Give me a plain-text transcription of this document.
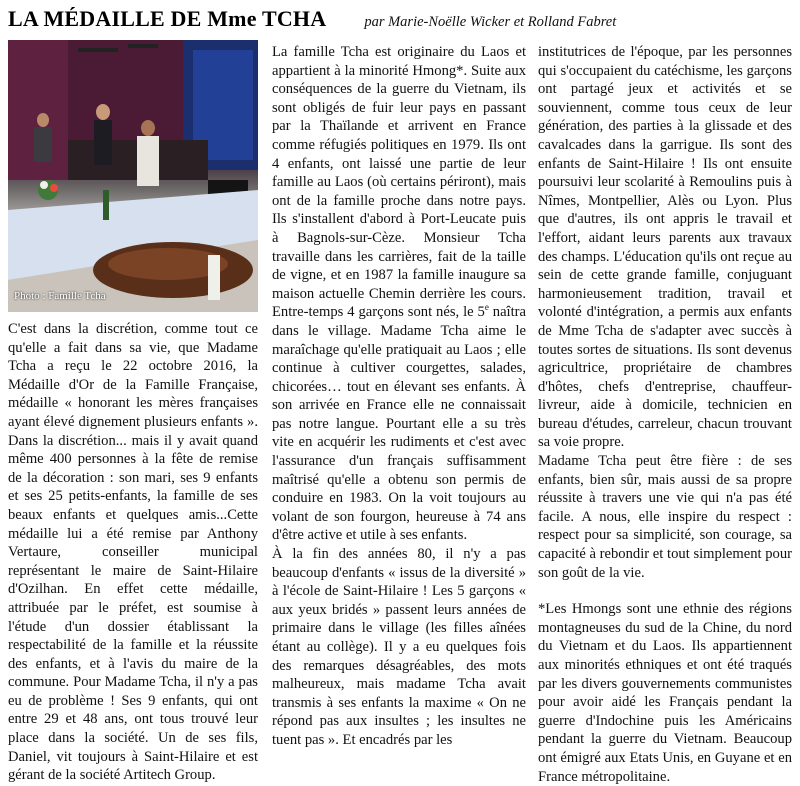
LA MÉDAILLE DE Mme TCHA	par Marie-Noëlle Wicker et Rolland Fabret
Photo : Famille Tcha

C'est dans la discrétion, comme tout ce qu'elle a fait dans sa vie, que Madame Tcha a reçu le 22 octobre 2016, la Médaille d'Or de la Famille Française, médaille « honorant les mères françaises ayant élevé dignement plusieurs enfants ». Dans la discrétion... mais il y avait quand même 400 personnes à la fête de remise de la décoration : son mari, ses 9 enfants et ses 25 petits-enfants, la famille de ses beaux enfants et quelques amis...Cette médaille lui a été remise par Anthony Vertaure, conseiller municipal représentant le maire de Saint-Hilaire d'Ozilhan. En effet cette médaille, attribuée par le préfet, est soumise à l'étude d'un dossier établissant la respectabilité de la famille et la réussite des enfants, et à l'avis du maire de la commune. Pour Madame Tcha, il n'y a pas eu de problème ! Ses 9 enfants, qui ont entre 29 et 48 ans, ont tous trouvé leur place dans la société. Un de ses fils, Daniel, vit toujours à Saint-Hilaire et est gérant de la société Artitech Group.

La famille Tcha est originaire du Laos et appartient à la minorité Hmong*. Suite aux conséquences de la guerre du Vietnam, ils sont obligés de fuir leur pays en passant par la Thaïlande et arrivent en France comme réfugiés politiques en 1979. Ils ont 4 enfants, ont laissé une partie de leur famille au Laos (où certains périront), mais ont de la famille proche dans notre pays. Ils s'installent d'abord à Port-Leucate puis à Bagnols-sur-Cèze. Monsieur Tcha travaille dans les carrières, fait de la taille de vigne, et en 1987 la famille inaugure sa maison actuelle Chemin derrière les cours. Entre-temps 4 garçons sont nés, le 5e naîtra dans le village. Madame Tcha aime le maraîchage qu'elle pratiquait au Laos ; elle continue à cultiver courgettes, salades, chicorées… tout en élevant ses enfants. À son arrivée en France elle ne connaissait pas notre langue. Pourtant elle a su très vite en acquérir les rudiments et c'est avec l'assurance d'un français suffisamment maîtrisé qu'elle a obtenu son permis de conduire en 1983. On la voit toujours au volant de son fourgon, heureuse à 74 ans d'être active et utile à ses enfants.

À la fin des années 80, il n'y a pas beaucoup d'enfants « issus de la diversité » à l'école de Saint-Hilaire ! Les 5 garçons « aux yeux bridés » passent leurs années de primaire dans le village (les filles aînées étant au collège). Il y a eu quelques fois des remarques désagréables, des mots malheureux, mais madame Tcha avait transmis à ses enfants la maxime « On ne répond pas aux insultes ; les insultes ne tuent pas ». Et encadrés par les

institutrices de l'époque, par les personnes qui s'occupaient du catéchisme, les garçons ont partagé jeux et activités et se souviennent, comme tous ceux de leur génération, des parties à la glissade et des cavalcades dans la garrigue. Ils sont des enfants de Saint-Hilaire ! Ils ont ensuite poursuivi leur scolarité à Remoulins puis à Nîmes, Montpellier, Alès ou Lyon. Plus que d'autres, ils ont appris le travail et l'effort, aidant leurs parents aux travaux des champs. L'éducation qu'ils ont reçue au sein de cette grande famille, conjuguant harmonieusement tradition, travail et volonté d'intégration, a permis aux enfants de Mme Tcha de s'adapter avec succès à toutes sortes de situations. Ils sont devenus agricultrice, propriétaire de chambres d'hôtes, chefs d'entreprise, chauffeur- livreur, aide à domicile, technicien en bureau d'études, carreleur, chacun trouvant sa voie propre.

Madame Tcha peut être fière : de ses enfants, bien sûr, mais aussi de sa propre réussite à travers une vie qui n'a pas été facile. A nous, elle inspire du respect : respect pour sa simplicité, son courage, sa capacité à rebondir et tout simplement pour son goût de la vie.

*Les Hmongs sont une ethnie des régions montagneuses du sud de la Chine, du nord du Vietnam et du Laos. Ils appartiennent aux minorités ethniques et ont été traqués par les divers gouvernements communistes pour avoir aidé les Français pendant la guerre d'Indochine puis les Américains pendant la guerre du Vietnam. Beaucoup ont émigré aux Etats Unis, en Guyane et en France métropolitaine.
